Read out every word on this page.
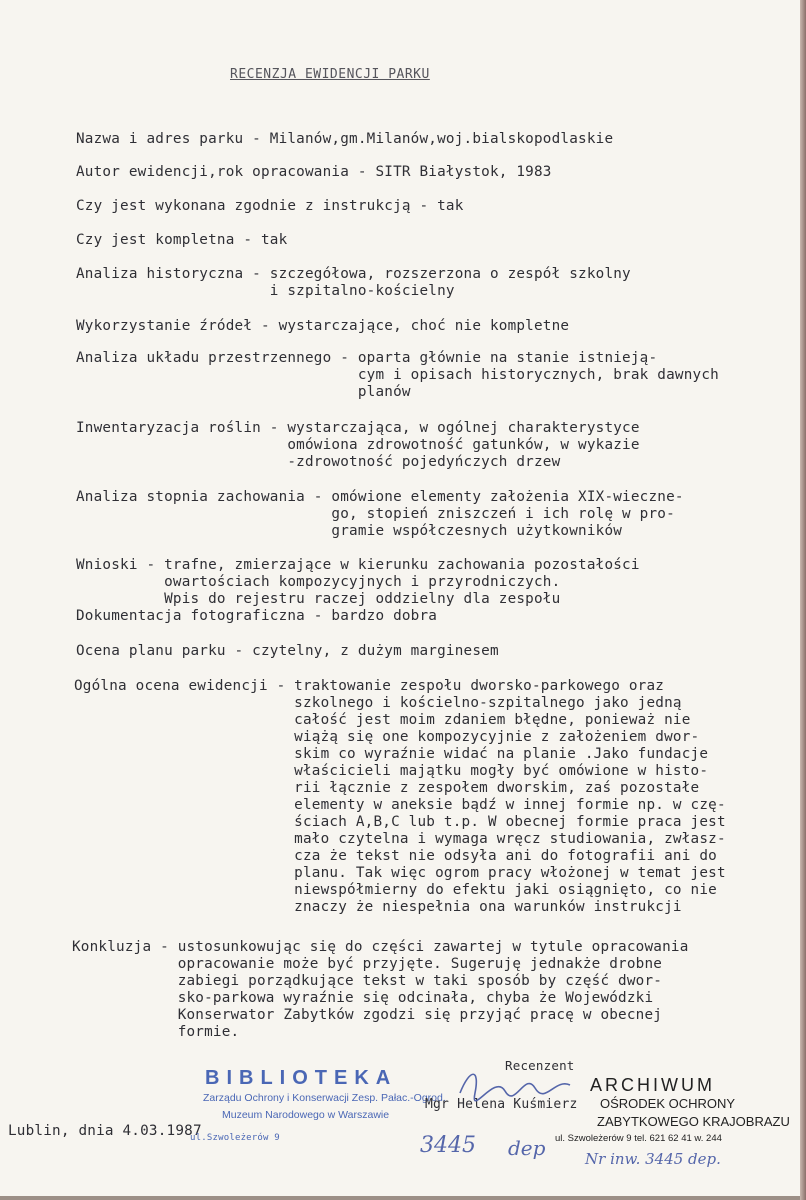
RECENZJA EWIDENCJI PARKU
Nazwa i adres parku - Milanów,gm.Milanów,woj.bialskopodlaskie
Autor ewidencji,rok opracowania - SITR Białystok, 1983
Czy jest wykonana zgodnie z instrukcją - tak
Czy jest kompletna - tak
Analiza historyczna - szczegółowa, rozszerzona o zespół szkolny
i szpitalno-kościelny
Wykorzystanie źródeł - wystarczające, choć nie kompletne
Analiza układu przestrzennego - oparta głównie na stanie istnieją-
cym i opisach historycznych, brak dawnych
planów
Inwentaryzacja roślin - wystarczająca, w ogólnej charakterystyce
omówiona zdrowotność gatunków, w wykazie
-zdrowotność pojedyńczych drzew
Analiza stopnia zachowania - omówione elementy założenia XIX-wieczne-
go, stopień zniszczeń i ich rolę w pro-
gramie współczesnych użytkowników
Wnioski - trafne, zmierzające w kierunku zachowania pozostałości
owartościach kompozycyjnych i przyrodniczych.
Wpis do rejestru raczej oddzielny dla zespołu
Dokumentacja fotograficzna - bardzo dobra
Ocena planu parku - czytelny, z dużym marginesem
Ogólna ocena ewidencji - traktowanie zespołu dworsko-parkowego oraz
szkolnego i kościelno-szpitalnego jako jedną
całość jest moim zdaniem błędne, ponieważ nie
wiążą się one kompozycyjnie z założeniem dwor-
skim co wyraźnie widać na planie .Jako fundacje
właścicieli majątku mogły być omówione w histo-
rii łącznie z zespołem dworskim, zaś pozostałe
elementy w aneksie bądź w innej formie np. w czę-
ściach A,B,C lub t.p. W obecnej formie praca jest
mało czytelna i wymaga wręcz studiowania, zwłasz-
cza że tekst nie odsyła ani do fotografii ani do
planu. Tak więc ogrom pracy włożonej w temat jest
niewspółmierny do efektu jaki osiągnięto, co nie
znaczy że niespełnia ona warunków instrukcji
Konkluzja - ustosunkowując się do części zawartej w tytule opracowania
opracowanie może być przyjęte. Sugeruję jednakże drobne
zabiegi porządkujące tekst w taki sposób by część dwor-
sko-parkowa wyraźnie się odcinała, chyba że Wojewódzki
Konserwator Zabytków zgodzi się przyjąć pracę w obecnej
formie.
BIBLIOTEKA
Zarządu Ochrony i Konserwacji Zesp. Pałac.-Ogrod.
Muzeum Narodowego w Warszawie
Recenzent
Mgr Helena Kuśmierz
Lublin, dnia 4.03.1987
ul.Szwoleżerów 9
ARCHIWUM
OŚRODEK OCHRONY
ZABYTKOWEGO KRAJOBRAZU
ul. Szwoleżerów 9 tel. 621 62 41 w. 244
3445 dep	Nr inw. 3445 dep.
